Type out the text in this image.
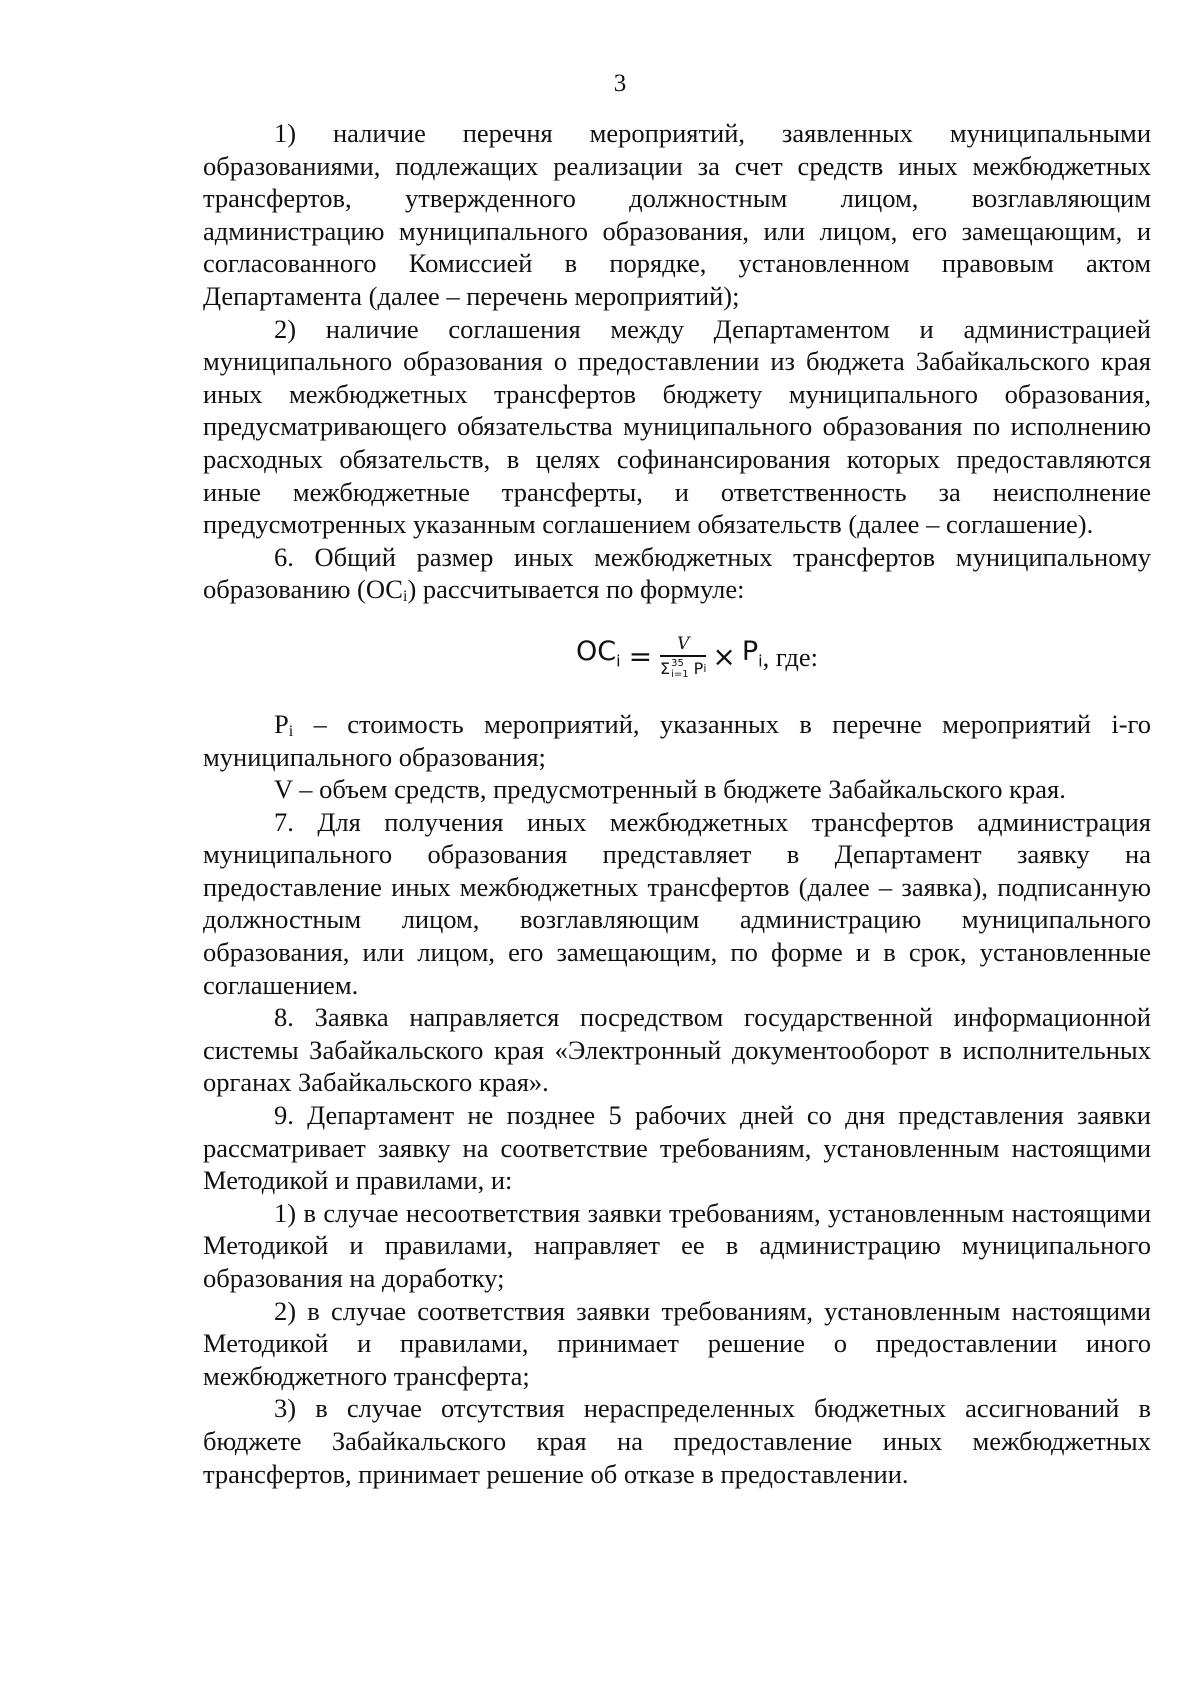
3

1) наличие перечня мероприятий, заявленных муниципальными образованиями, подлежащих реализации за счет средств иных межбюджетных трансфертов, утвержденного должностным лицом, возглавляющим администрацию муниципального образования, или лицом, его замещающим, и согласованного Комиссией в порядке, установленном правовым актом Департамента (далее – перечень мероприятий);

2) наличие соглашения между Департаментом и администрацией муниципального образования о предоставлении из бюджета Забайкальского края иных межбюджетных трансфертов бюджету муниципального образования, предусматривающего обязательства муниципального образования по исполнению расходных обязательств, в целях софинансирования которых предоставляются иные межбюджетные трансферты, и ответственность за неисполнение предусмотренных указанным соглашением обязательств (далее – соглашение).

6. Общий размер иных межбюджетных трансфертов муниципальному образованию (ОСi) рассчитывается по формуле:

$OC_i = V$
Σ 35
i=1 P $i \times P_i$ , где:

Pi – стоимость мероприятий, указанных в перечне мероприятий i-го муниципального образования;

V – объем средств, предусмотренный в бюджете Забайкальского края.

7. Для получения иных межбюджетных трансфертов администрация муниципального образования представляет в Департамент заявку на предоставление иных межбюджетных трансфертов (далее – заявка), подписанную должностным лицом, возглавляющим администрацию муниципального образования, или лицом, его замещающим, по форме и в срок, установленные соглашением.

8. Заявка направляется посредством государственной информационной системы Забайкальского края «Электронный документооборот в исполнительных органах Забайкальского края».

9. Департамент не позднее 5 рабочих дней со дня представления заявки рассматривает заявку на соответствие требованиям, установленным настоящими Методикой и правилами, и:

1) в случае несоответствия заявки требованиям, установленным настоящими Методикой и правилами, направляет ее в администрацию муниципального образования на доработку;

2) в случае соответствия заявки требованиям, установленным настоящими Методикой и правилами, принимает решение о предоставлении иного межбюджетного трансферта;

3) в случае отсутствия нераспределенных бюджетных ассигнований в бюджете Забайкальского края на предоставление иных межбюджетных трансфертов, принимает решение об отказе в предоставлении.
